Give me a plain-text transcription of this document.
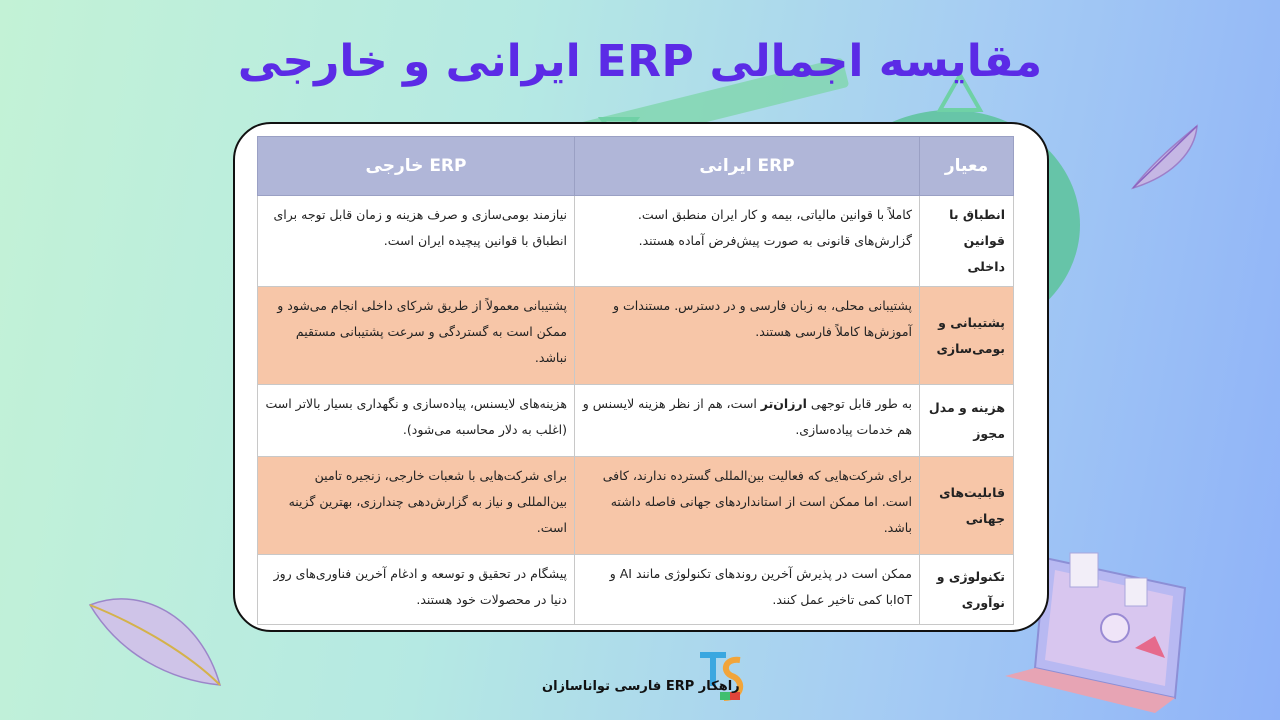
مقایسه اجمالی ERP ایرانی و خارجی
معیار	ERP ایرانی	ERP خارجی
انطباق با قوانین داخلی	کاملاً با قوانین مالیاتی، بیمه و کار ایران منطبق است. گزارش‌های قانونی به صورت پیش‌فرض آماده هستند.	نیازمند بومی‌سازی و صرف هزینه و زمان قابل توجه برای انطباق با قوانین پیچیده ایران است.
پشتیبانی و بومی‌سازی	پشتیبانی محلی، به زبان فارسی و در دسترس. مستندات و آموزش‌ها کاملاً فارسی هستند.	پشتیبانی معمولاً از طریق شرکای داخلی انجام می‌شود و ممکن است به گستردگی و سرعت پشتیبانی مستقیم نباشد.
هزینه و مدل مجوز	به طور قابل توجهی ارزان‌تر است، هم از نظر هزینه لایسنس و هم خدمات پیاده‌سازی.	هزینه‌های لایسنس، پیاده‌سازی و نگهداری بسیار بالاتر است (اغلب به دلار محاسبه می‌شود).
قابلیت‌های جهانی	برای شرکت‌هایی که فعالیت بین‌المللی گسترده ندارند، کافی است. اما ممکن است از استانداردهای جهانی فاصله داشته باشد.	برای شرکت‌هایی با شعبات خارجی، زنجیره تامین بین‌المللی و نیاز به گزارش‌دهی چندارزی، بهترین گزینه است.
تکنولوژی و نوآوری	ممکن است در پذیرش آخرین روندهای تکنولوژی مانند AI و IoTبا کمی تاخیر عمل کنند.	پیشگام در تحقیق و توسعه و ادغام آخرین فناوری‌های روز دنیا در محصولات خود هستند.
راهکار ERP فارسی تواناسازان
